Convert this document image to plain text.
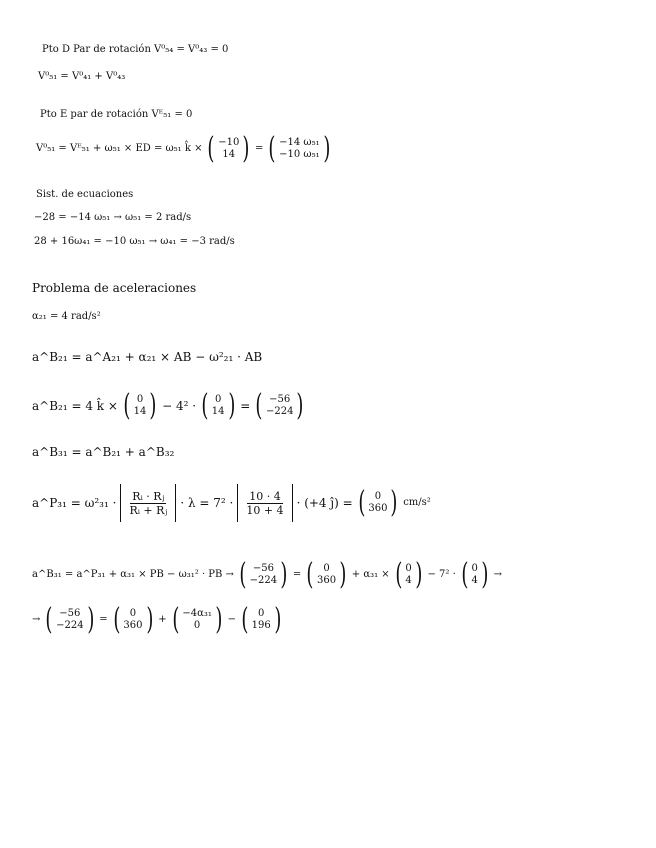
Pto D Par de rotación V⁰₅₄ = V⁰₄₃ = 0
V⁰₅₁ = V⁰₄₁ + V⁰₄₃
Pto E par de rotación Vᴱ₅₁ = 0
V⁰₅₁ = Vᴱ₅₁ + ω₅₁ × ED = ω₅₁ k̂ × ( −10
14 ) = ( −14 ω₅₁
−10 ω₅₁ )
Sist. de ecuaciones
−28 = −14 ω₅₁ → ω₅₁ = 2 rad/s
28 + 16ω₄₁ = −10 ω₅₁ → ω₄₁ = −3 rad/s
Problema de aceleraciones
α₂₁ = 4 rad/s²
a^B₂₁ = a^A₂₁ + α₂₁ × AB − ω²₂₁ · AB
a^B₂₁ = 4 k̂ × ( 0
14 ) − 4² · ( 0
14 ) = ( −56
−224 )
a^B₃₁ = a^B₂₁ + a^B₃₂
a^P₃₁ = $\omega^2_{31} \cdot \frac{\text{Rᵢ · Rⱼ}}{\text{Rᵢ + Rⱼ}} \cdot \lambda = 7^2 \cdot \frac{10 \cdot 4}{10 + 4} \cdot (+4$ ĵ) = ( 0
360 ) cm/s²
a^B₃₁ = a^P₃₁ + α₃₁ × PB − ω₃₁² · PB → ( −56
−224 ) = ( 0
360 ) + α₃₁ × ( 0
4 ) − 7² · ( 0
4 ) →
→ ( −56
−224 ) = ( 0
360 ) + ( −4α₃₁
0 ) − ( 0
196 )
